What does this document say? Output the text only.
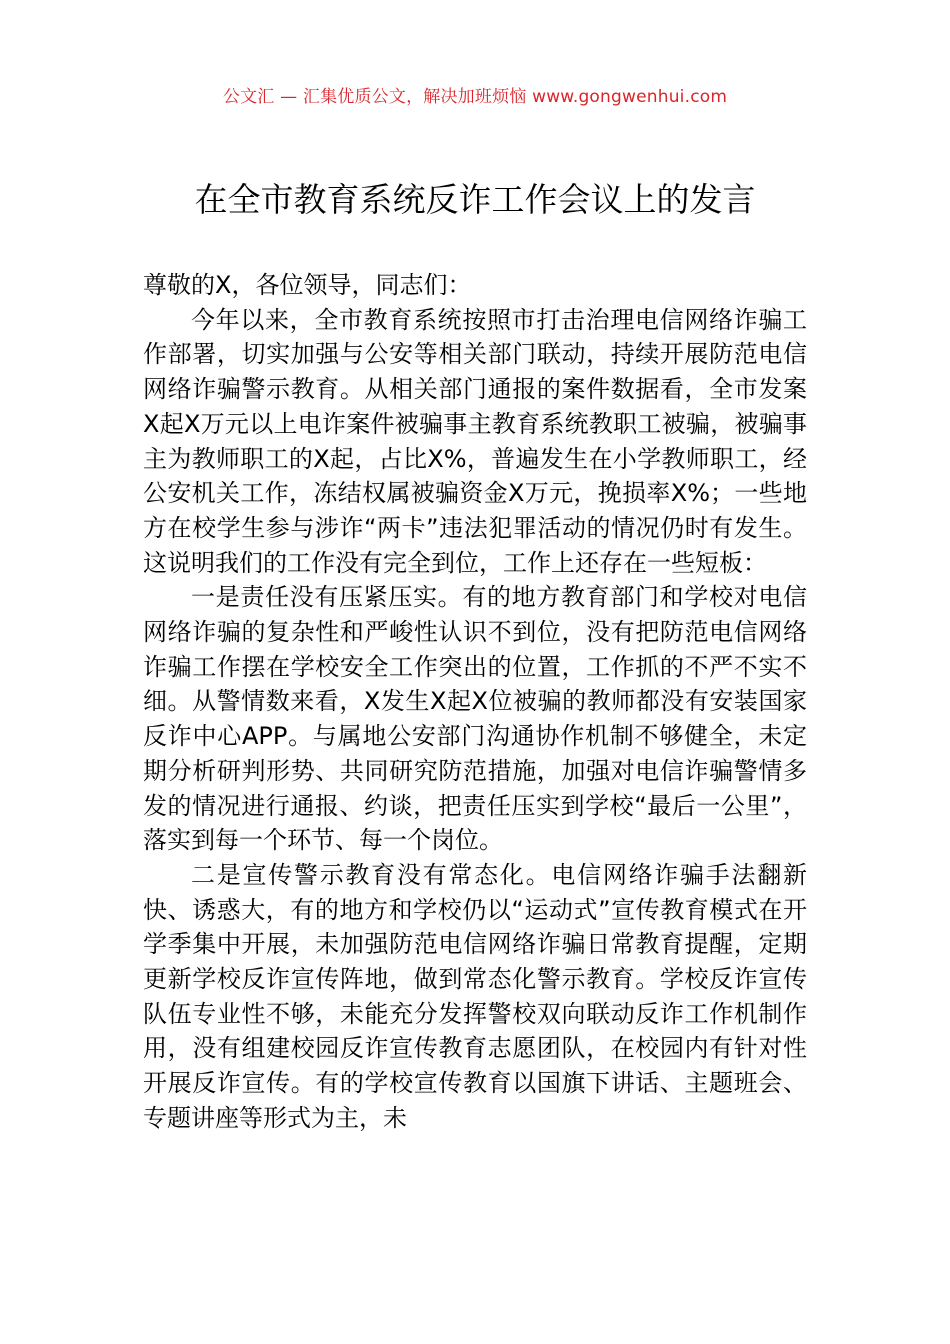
公文汇 — 汇集优质公文，解决加班烦恼 www.gongwenhui.com
在全市教育系统反诈工作会议上的发言

尊敬的X，各位领导，同志们：

今年以来，全市教育系统按照市打击治理电信网络诈骗工作部署，切实加强与公安等相关部门联动，持续开展防范电信网络诈骗警示教育。从相关部门通报的案件数据看，全市发案X起X万元以上电诈案件被骗事主教育系统教职工被骗，被骗事主为教师职工的X起，占比X%，普遍发生在小学教师职工，经公安机关工作，冻结权属被骗资金X万元，挽损率X%；一些地方在校学生参与涉诈“两卡”违法犯罪活动的情况仍时有发生。这说明我们的工作没有完全到位，工作上还存在一些短板：

一是责任没有压紧压实。有的地方教育部门和学校对电信网络诈骗的复杂性和严峻性认识不到位，没有把防范电信网络诈骗工作摆在学校安全工作突出的位置，工作抓的不严不实不细。从警情数来看，X发生X起X位被骗的教师都没有安装国家反诈中心APP。与属地公安部门沟通协作机制不够健全，未定期分析研判形势、共同研究防范措施，加强对电信诈骗警情多发的情况进行通报、约谈，把责任压实到学校“最后一公里”，落实到每一个环节、每一个岗位。

二是宣传警示教育没有常态化。电信网络诈骗手法翻新快、诱惑大，有的地方和学校仍以“运动式”宣传教育模式在开学季集中开展，未加强防范电信网络诈骗日常教育提醒，定期更新学校反诈宣传阵地，做到常态化警示教育。学校反诈宣传队伍专业性不够，未能充分发挥警校双向联动反诈工作机制作用，没有组建校园反诈宣传教育志愿团队，在校园内有针对性开展反诈宣传。有的学校宣传教育以国旗下讲话、主题班会、专题讲座等形式为主，未
